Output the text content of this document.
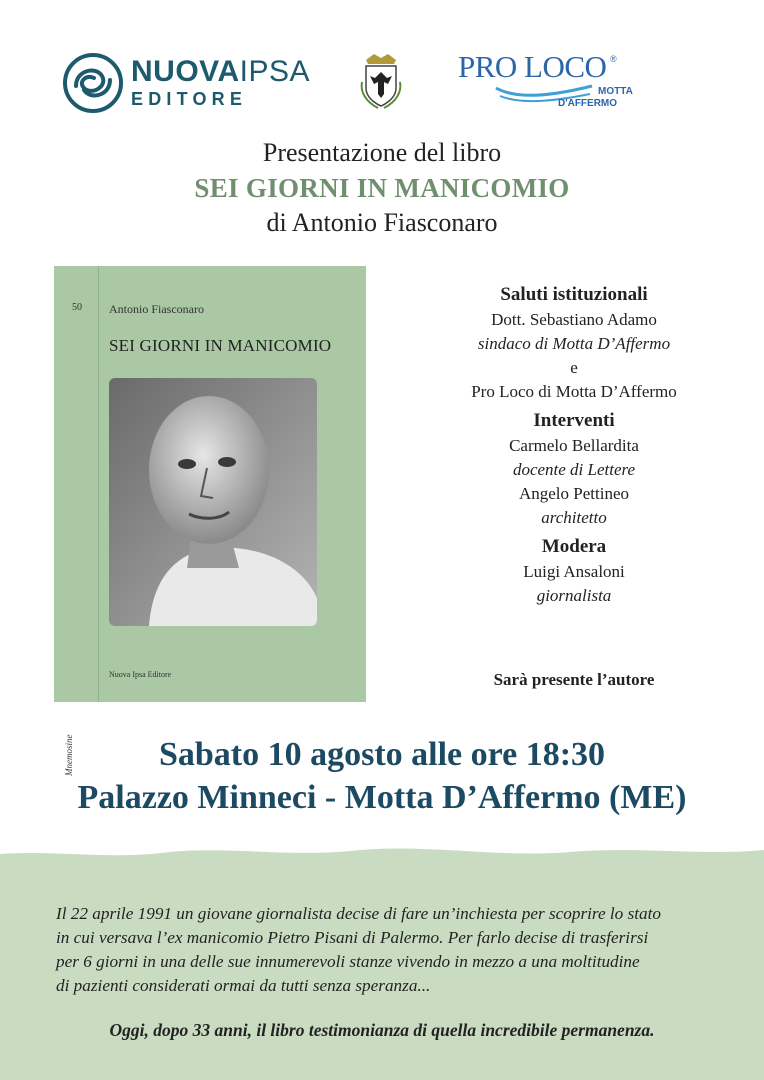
NUOVAIPSA
EDITORE
PRO LOCO ®
MOTTA
D'AFFERMO
Presentazione del libro
SEI GIORNI IN MANICOMIO
di Antonio Fiasconaro
50
Mnemosine
Antonio Fiasconaro
SEI GIORNI IN MANICOMIO
Nuova Ipsa Editore
Saluti istituzionali
Dott. Sebastiano Adamo
sindaco di Motta D’Affermo
e
Pro Loco di Motta D’Affermo
Interventi
Carmelo Bellardita
docente di Lettere
Angelo Pettineo
architetto
Modera
Luigi Ansaloni
giornalista
Sarà presente l’autore
Sabato 10 agosto alle ore 18:30
Palazzo Minneci - Motta D’Affermo (ME)
Il 22 aprile 1991 un giovane giornalista decise di fare un’inchiesta per scoprire lo stato
in cui versava l’ex manicomio Pietro Pisani di Palermo. Per farlo decise di trasferirsi
per 6 giorni in una delle sue innumerevoli stanze vivendo in mezzo a una moltitudine
di pazienti considerati ormai da tutti senza speranza...
Oggi, dopo 33 anni, il libro testimonianza di quella incredibile permanenza.
